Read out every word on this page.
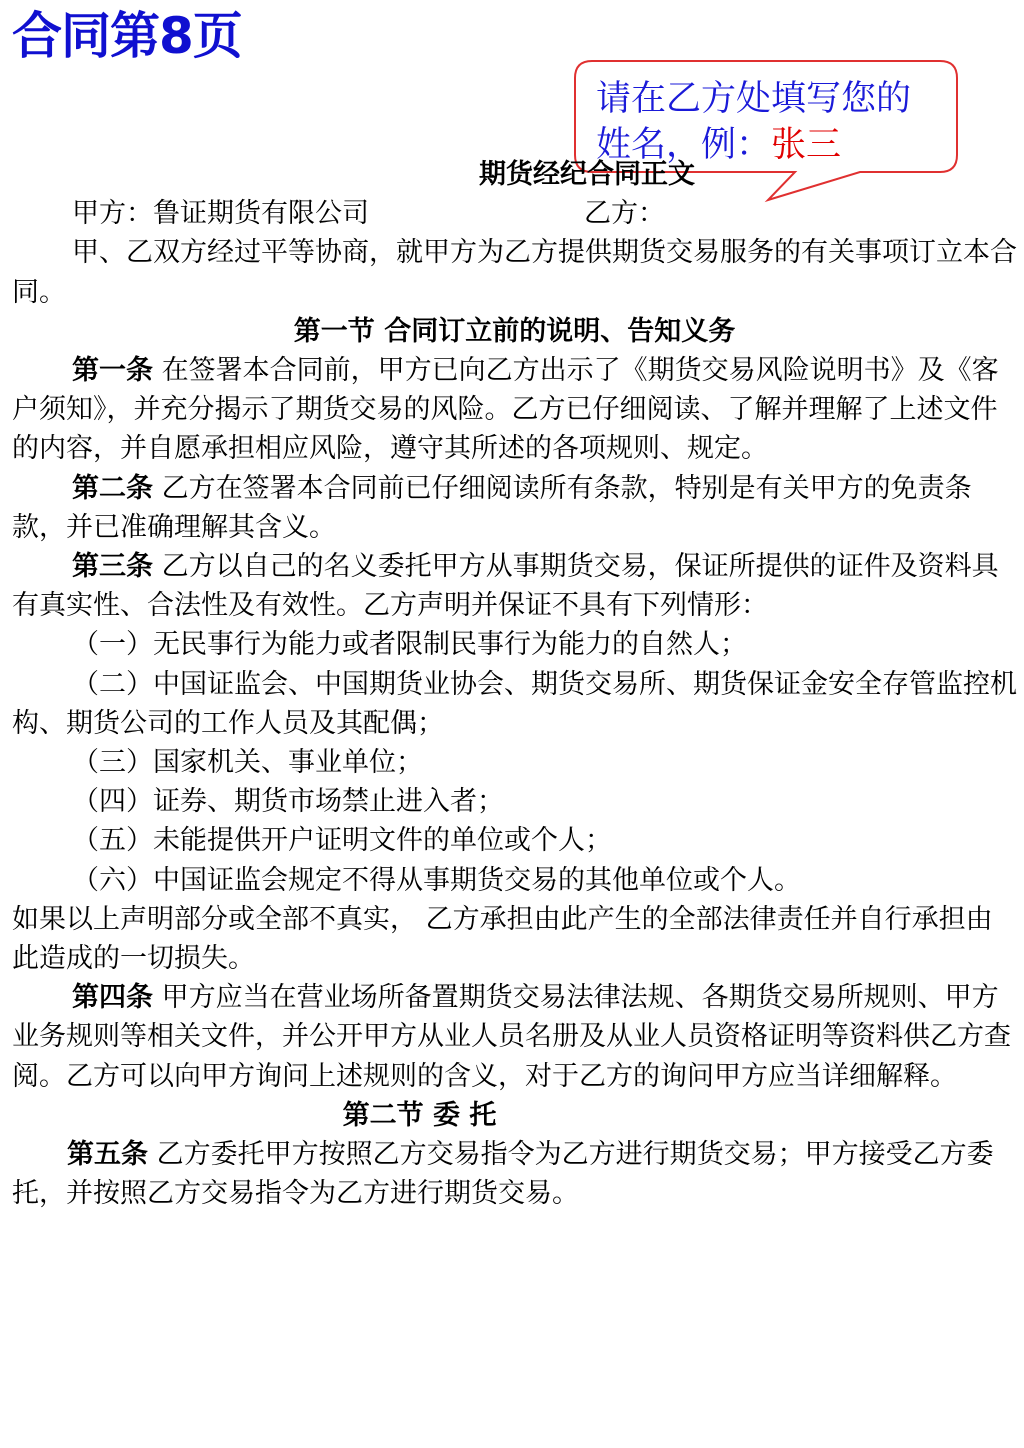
合同第8页
请在乙方处填写您的姓名，例：张三

期货经纪合同正文

甲方：鲁证期货有限公司	乙方：

甲、乙双方经过平等协商，就甲方为乙方提供期货交易服务的有关事项订立本合同。

第一节 合同订立前的说明、告知义务

第一条 在签署本合同前，甲方已向乙方出示了《期货交易风险说明书》及《客户须知》，并充分揭示了期货交易的风险。乙方已仔细阅读、了解并理解了上述文件的内容，并自愿承担相应风险，遵守其所述的各项规则、规定。

第二条 乙方在签署本合同前已仔细阅读所有条款，特别是有关甲方的免责条款，并已准确理解其含义。

第三条 乙方以自己的名义委托甲方从事期货交易，保证所提供的证件及资料具有真实性、合法性及有效性。乙方声明并保证不具有下列情形：

（一）无民事行为能力或者限制民事行为能力的自然人；

（二）中国证监会、中国期货业协会、期货交易所、期货保证金安全存管监控机构、期货公司的工作人员及其配偶；

（三）国家机关、事业单位；

（四）证券、期货市场禁止进入者；

（五）未能提供开户证明文件的单位或个人；

（六）中国证监会规定不得从事期货交易的其他单位或个人。

如果以上声明部分或全部不真实， 乙方承担由此产生的全部法律责任并自行承担由此造成的一切损失。

第四条 甲方应当在营业场所备置期货交易法律法规、各期货交易所规则、甲方业务规则等相关文件，并公开甲方从业人员名册及从业人员资格证明等资料供乙方查阅。乙方可以向甲方询问上述规则的含义，对于乙方的询问甲方应当详细解释。

第二节 委 托

第五条 乙方委托甲方按照乙方交易指令为乙方进行期货交易；甲方接受乙方委托，并按照乙方交易指令为乙方进行期货交易。
